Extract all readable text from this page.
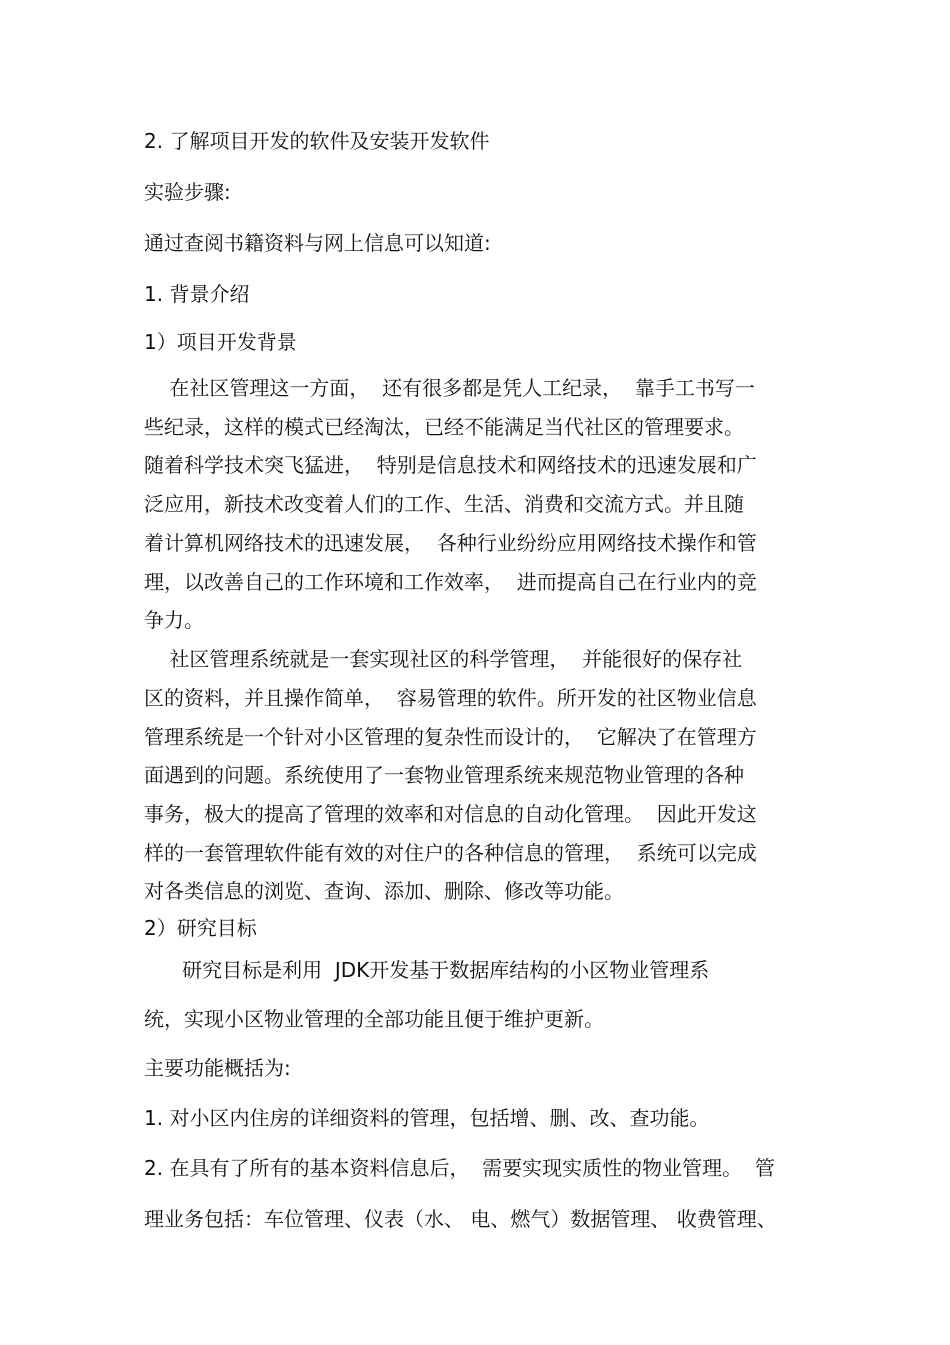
2. 了解项目开发的软件及安装开发软件

实验步骤:

通过查阅书籍资料与网上信息可以知道:

1. 背景介绍

1）项目开发背景

在社区管理这一方面，  还有很多都是凭人工纪录，  靠手工书写一

些纪录，这样的模式已经淘汰，已经不能满足当代社区的管理要求。

随着科学技术突飞猛进，  特别是信息技术和网络技术的迅速发展和广

泛应用，新技术改变着人们的工作、生活、消费和交流方式。并且随

着计算机网络技术的迅速发展，  各种行业纷纷应用网络技术操作和管

理，以改善自己的工作环境和工作效率，  进而提高自己在行业内的竞

争力。

社区管理系统就是一套实现社区的科学管理，  并能很好的保存社

区的资料，并且操作简单，  容易管理的软件。所开发的社区物业信息

管理系统是一个针对小区管理的复杂性而设计的，  它解决了在管理方

面遇到的问题。系统使用了一套物业管理系统来规范物业管理的各种

事务，极大的提高了管理的效率和对信息的自动化管理。  因此开发这

样的一套管理软件能有效的对住户的各种信息的管理，  系统可以完成

对各类信息的浏览、查询、添加、删除、修改等功能。

2）研究目标

研究目标是利用  JDK开发基于数据库结构的小区物业管理系

统，实现小区物业管理的全部功能且便于维护更新。

主要功能概括为:

1. 对小区内住房的详细资料的管理，包括增、删、改、查功能。

2. 在具有了所有的基本资料信息后，  需要实现实质性的物业管理。  管

理业务包括：车位管理、仪表（水、 电、燃气）数据管理、 收费管理、
